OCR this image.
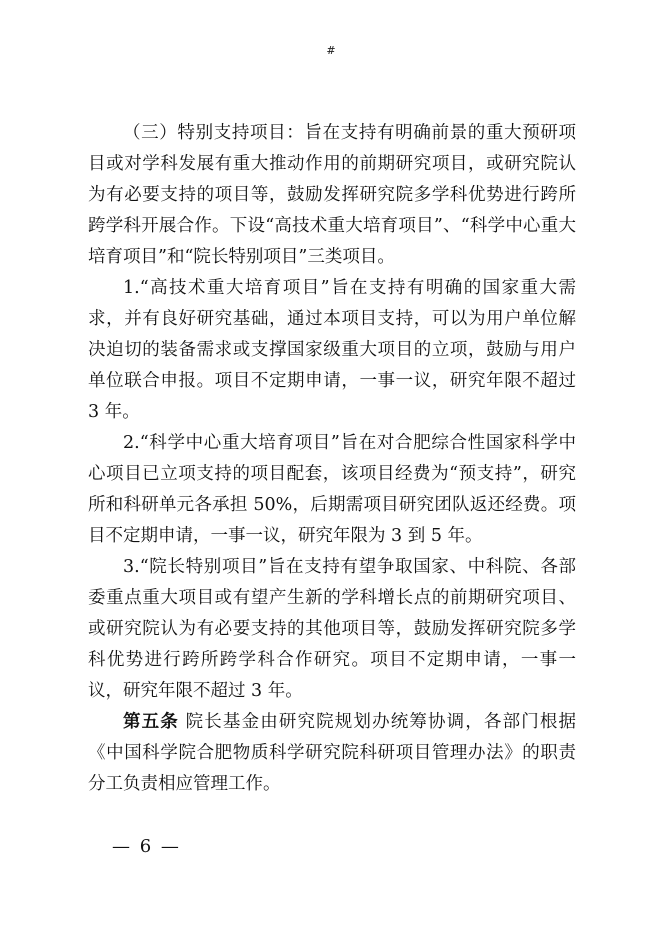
#

（三）特别支持项目：旨在支持有明确前景的重大预研项目或对学科发展有重大推动作用的前期研究项目，或研究院认为有必要支持的项目等，鼓励发挥研究院多学科优势进行跨所跨学科开展合作。下设“高技术重大培育项目”、“科学中心重大培育项目”和“院长特别项目”三类项目。

1.“高技术重大培育项目”旨在支持有明确的国家重大需求，并有良好研究基础，通过本项目支持，可以为用户单位解决迫切的装备需求或支撑国家级重大项目的立项，鼓励与用户单位联合申报。项目不定期申请，一事一议，研究年限不超过 3 年。

2.“科学中心重大培育项目”旨在对合肥综合性国家科学中心项目已立项支持的项目配套，该项目经费为“预支持”，研究所和科研单元各承担 50%，后期需项目研究团队返还经费。项目不定期申请，一事一议，研究年限为 3 到 5 年。

3.“院长特别项目”旨在支持有望争取国家、中科院、各部委重点重大项目或有望产生新的学科增长点的前期研究项目、或研究院认为有必要支持的其他项目等，鼓励发挥研究院多学科优势进行跨所跨学科合作研究。项目不定期申请，一事一议，研究年限不超过 3 年。

第五条 院长基金由研究院规划办统筹协调，各部门根据《中国科学院合肥物质科学研究院科研项目管理办法》的职责分工负责相应管理工作。

— 6 —
